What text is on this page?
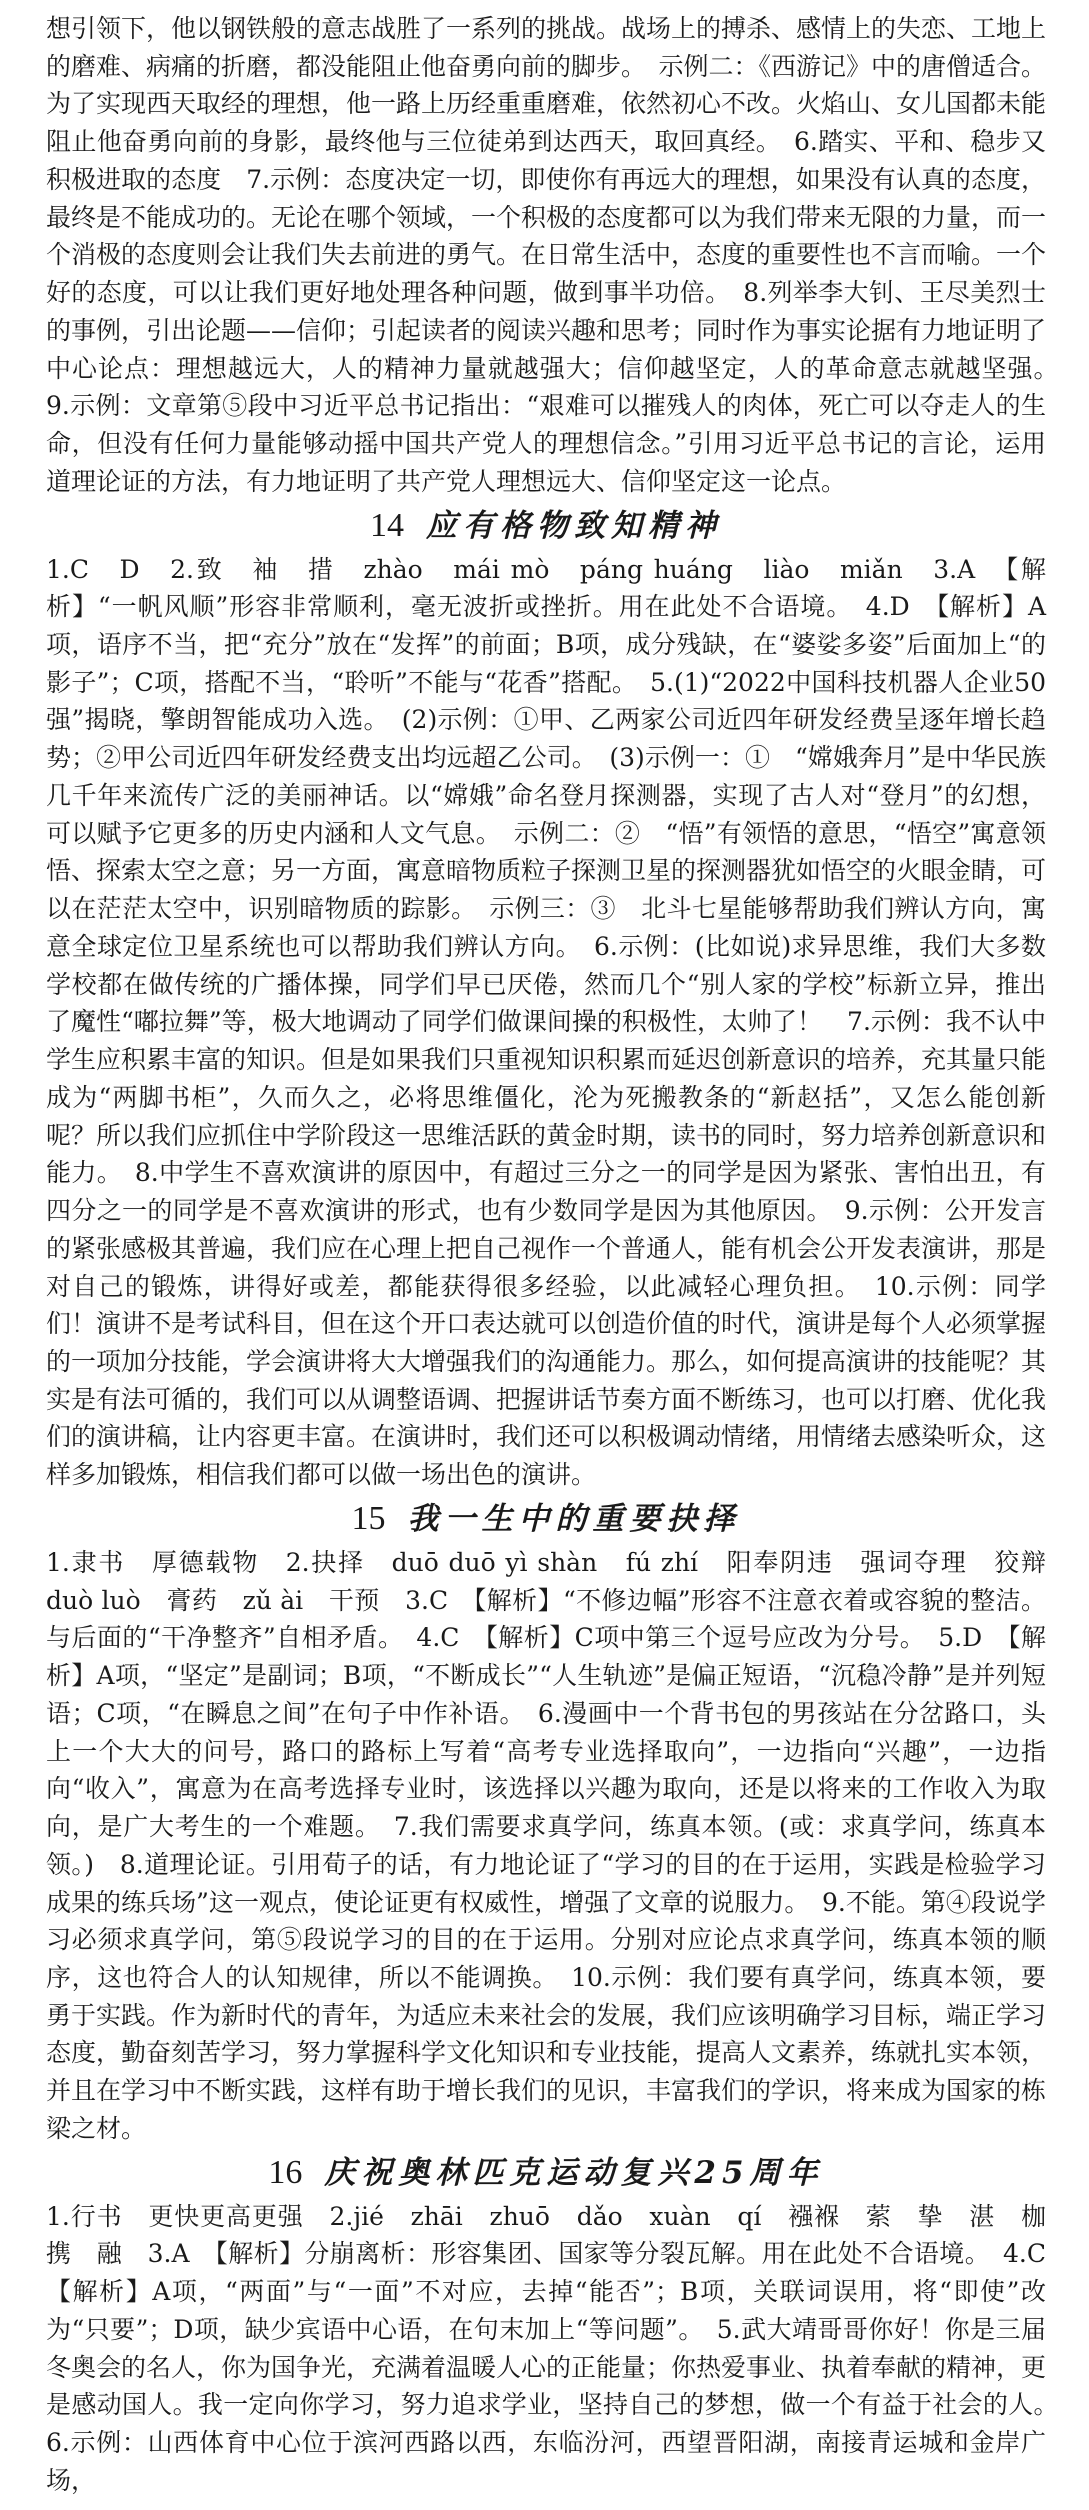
想引领下，他以钢铁般的意志战胜了一系列的挑战。战场上的搏杀、感情上的失恋、工地上的磨难、病痛的折磨，都没能阻止他奋勇向前的脚步。　示例二：《西游记》中的唐僧适合。为了实现西天取经的理想，他一路上历经重重磨难，依然初心不改。火焰山、女儿国都未能阻止他奋勇向前的身影，最终他与三位徒弟到达西天，取回真经。　6.踏实、平和、稳步又积极进取的态度　7.示例：态度决定一切，即使你有再远大的理想，如果没有认真的态度，最终是不能成功的。无论在哪个领域，一个积极的态度都可以为我们带来无限的力量，而一个消极的态度则会让我们失去前进的勇气。在日常生活中，态度的重要性也不言而喻。一个好的态度，可以让我们更好地处理各种问题，做到事半功倍。　8.列举李大钊、王尽美烈士的事例，引出论题——信仰；引起读者的阅读兴趣和思考；同时作为事实论据有力地证明了中心论点：理想越远大，人的精神力量就越强大；信仰越坚定，人的革命意志就越坚强。　9.示例：文章第⑤段中习近平总书记指出：“艰难可以摧残人的肉体，死亡可以夺走人的生命，但没有任何力量能够动摇中国共产党人的理想信念。”引用习近平总书记的言论，运用道理论证的方法，有力地证明了共产党人理想远大、信仰坚定这一论点。

14 应有格物致知精神

1.C　D　2.致　袖　措　zhào　mái mò　páng huáng　liào　miǎn　3.A　【解析】“一帆风顺”形容非常顺利，毫无波折或挫折。用在此处不合语境。　4.D　【解析】A项，语序不当，把“充分”放在“发挥”的前面；B项，成分残缺，在“婆娑多姿”后面加上“的影子”；C项，搭配不当，“聆听”不能与“花香”搭配。　5.(1)“2022中国科技机器人企业50强”揭晓，擎朗智能成功入选。　(2)示例：①甲、乙两家公司近四年研发经费呈逐年增长趋势；②甲公司近四年研发经费支出均远超乙公司。　(3)示例一：①　“嫦娥奔月”是中华民族几千年来流传广泛的美丽神话。以“嫦娥”命名登月探测器，实现了古人对“登月”的幻想，可以赋予它更多的历史内涵和人文气息。　示例二：②　“悟”有领悟的意思，“悟空”寓意领悟、探索太空之意；另一方面，寓意暗物质粒子探测卫星的探测器犹如悟空的火眼金睛，可以在茫茫太空中，识别暗物质的踪影。　示例三：③　北斗七星能够帮助我们辨认方向，寓意全球定位卫星系统也可以帮助我们辨认方向。　6.示例：(比如说)求异思维，我们大多数学校都在做传统的广播体操，同学们早已厌倦，然而几个“别人家的学校”标新立异，推出了魔性“嘟拉舞”等，极大地调动了同学们做课间操的积极性，太帅了！　7.示例：我不认中学生应积累丰富的知识。但是如果我们只重视知识积累而延迟创新意识的培养，充其量只能成为“两脚书柜”，久而久之，必将思维僵化，沦为死搬教条的“新赵括”，又怎么能创新呢？所以我们应抓住中学阶段这一思维活跃的黄金时期，读书的同时，努力培养创新意识和能力。　8.中学生不喜欢演讲的原因中，有超过三分之一的同学是因为紧张、害怕出丑，有四分之一的同学是不喜欢演讲的形式，也有少数同学是因为其他原因。　9.示例：公开发言的紧张感极其普遍，我们应在心理上把自己视作一个普通人，能有机会公开发表演讲，那是对自己的锻炼，讲得好或差，都能获得很多经验，以此减轻心理负担。　10.示例：同学们！演讲不是考试科目，但在这个开口表达就可以创造价值的时代，演讲是每个人必须掌握的一项加分技能，学会演讲将大大增强我们的沟通能力。那么，如何提高演讲的技能呢？其实是有法可循的，我们可以从调整语调、把握讲话节奏方面不断练习，也可以打磨、优化我们的演讲稿，让内容更丰富。在演讲时，我们还可以积极调动情绪，用情绪去感染听众，这样多加锻炼，相信我们都可以做一场出色的演讲。

15 我一生中的重要抉择

1.隶书　厚德载物　2.抉择　duō duō yì shàn　fú zhí　阳奉阴违　强词夺理　狡辩　duò luò　膏药　zǔ ài　干预　3.C　【解析】“不修边幅”形容不注意衣着或容貌的整洁。与后面的“干净整齐”自相矛盾。　4.C　【解析】C项中第三个逗号应改为分号。　5.D　【解析】A项，“坚定”是副词；B项，“不断成长”“人生轨迹”是偏正短语，“沉稳冷静”是并列短语；C项，“在瞬息之间”在句子中作补语。　6.漫画中一个背书包的男孩站在分岔路口，头上一个大大的问号，路口的路标上写着“高考专业选择取向”，一边指向“兴趣”，一边指向“收入”，寓意为在高考选择专业时，该选择以兴趣为取向，还是以将来的工作收入为取向，是广大考生的一个难题。　7.我们需要求真学问，练真本领。(或：求真学问，练真本领。)　8.道理论证。引用荀子的话，有力地论证了“学习的目的在于运用，实践是检验学习成果的练兵场”这一观点，使论证更有权威性，增强了文章的说服力。　9.不能。第④段说学习必须求真学问，第⑤段说学习的目的在于运用。分别对应论点求真学问，练真本领的顺序，这也符合人的认知规律，所以不能调换。　10.示例：我们要有真学问，练真本领，要勇于实践。作为新时代的青年，为适应未来社会的发展，我们应该明确学习目标，端正学习态度，勤奋刻苦学习，努力掌握科学文化知识和专业技能，提高人文素养，练就扎实本领，并且在学习中不断实践，这样有助于增长我们的见识，丰富我们的学识，将来成为国家的栋梁之材。

16 庆祝奥林匹克运动复兴25周年

1.行书　更快更高更强　2.jié　zhāi　zhuō　dǎo　xuàn　qí　襁褓　萦　挚　湛　枷　携　融　3.A　【解析】分崩离析：形容集团、国家等分裂瓦解。用在此处不合语境。　4.C　【解析】A项，“两面”与“一面”不对应，去掉“能否”；B项，关联词误用，将“即使”改为“只要”；D项，缺少宾语中心语，在句末加上“等问题”。　5.武大靖哥哥你好！你是三届冬奥会的名人，你为国争光，充满着温暖人心的正能量；你热爱事业、执着奉献的精神，更是感动国人。我一定向你学习，努力追求学业，坚持自己的梦想，做一个有益于社会的人。　6.示例：山西体育中心位于滨河西路以西，东临汾河，西望晋阳湖，南接青运城和金岸广场，
